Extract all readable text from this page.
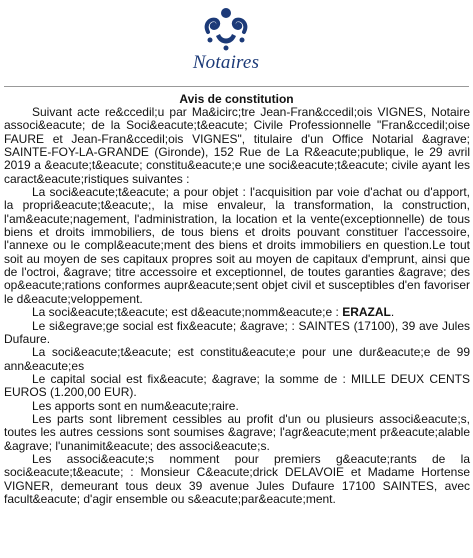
Notaires
Avis de constitution

Suivant acte re&ccedil;u par Ma&icirc;tre Jean-Fran&ccedil;ois VIGNES, Notaire associ&eacute; de la Soci&eacute;t&eacute; Civile Professionnelle "Fran&ccedil;oise FAURE et Jean-Fran&ccedil;ois VIGNES", titulaire d'un Office Notarial &agrave; SAINTE-FOY-LA-GRANDE (Gironde), 152 Rue de La R&eacute;publique, le 29 avril 2019 a &eacute;t&eacute; constitu&eacute;e une soci&eacute;t&eacute; civile ayant les caract&eacute;ristiques suivantes :

La soci&eacute;t&eacute; a pour objet : l'acquisition par voie d'achat ou d'apport, la propri&eacute;t&eacute;, la mise envaleur, la transformation, la construction, l'am&eacute;nagement, l'administration, la location et la vente(exceptionnelle) de tous biens et droits immobiliers, de tous biens et droits pouvant constituer l'accessoire, l'annexe ou le compl&eacute;ment des biens et droits immobiliers en question.Le tout soit au moyen de ses capitaux propres soit au moyen de capitaux d'emprunt, ainsi que de l'octroi, &agrave; titre accessoire et exceptionnel, de toutes garanties &agrave; des op&eacute;rations conformes aupr&eacute;sent objet civil et susceptibles d'en favoriser le d&eacute;veloppement.

La soci&eacute;t&eacute; est d&eacute;nomm&eacute;e : ERAZAL.

Le si&egrave;ge social est fix&eacute; &agrave; : SAINTES (17100), 39 ave Jules Dufaure.

La soci&eacute;t&eacute; est constitu&eacute;e pour une dur&eacute;e de 99 ann&eacute;es

Le capital social est fix&eacute; &agrave; la somme de : MILLE DEUX CENTS EUROS (1.200,00 EUR).

Les apports sont en num&eacute;raire.

Les parts sont librement cessibles au profit d'un ou plusieurs associ&eacute;s, toutes les autres cessions sont soumises &agrave; l'agr&eacute;ment pr&eacute;alable &agrave; l'unanimit&eacute; des associ&eacute;s.

Les associ&eacute;s nomment pour premiers g&eacute;rants de la soci&eacute;t&eacute; : Monsieur C&eacute;drick DELAVOIE et Madame Hortense VIGNER, demeurant tous deux 39 avenue Jules Dufaure 17100 SAINTES, avec facult&eacute; d'agir ensemble ou s&eacute;par&eacute;ment.
